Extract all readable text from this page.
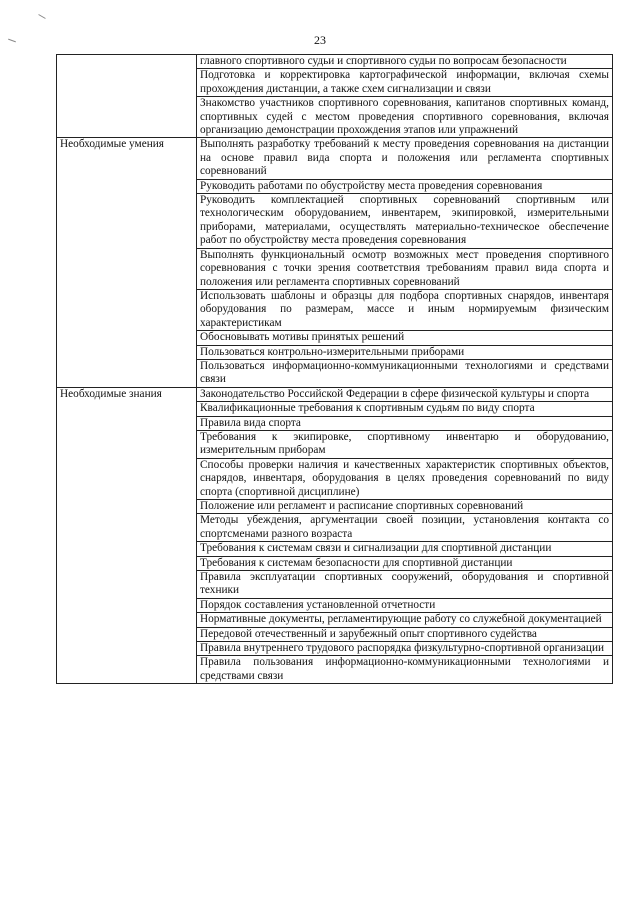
23
	главного спортивного судьи и спортивного судьи по вопросам безопасности
	Подготовка и корректировка картографической информации, включая схемы прохождения дистанции, а также схем сигнализации и связи
	Знакомство участников спортивного соревнования, капитанов спортивных команд, спортивных судей с местом проведения спортивного соревнования, включая организацию демонстрации прохождения этапов или упражнений
Необходимые умения	Выполнять разработку требований к месту проведения соревнования на дистанции на основе правил вида спорта и положения или регламента спортивных соревнований
	Руководить работами по обустройству места проведения соревнования
	Руководить комплектацией спортивных соревнований спортивным или технологическим оборудованием, инвентарем, экипировкой, измерительными приборами, материалами, осуществлять материально-техническое обеспечение работ по обустройству места проведения соревнования
	Выполнять функциональный осмотр возможных мест проведения спортивного соревнования с точки зрения соответствия требованиям правил вида спорта и положения или регламента спортивных соревнований
	Использовать шаблоны и образцы для подбора спортивных снарядов, инвентаря оборудования по размерам, массе и иным нормируемым физическим характеристикам
	Обосновывать мотивы принятых решений
	Пользоваться контрольно-измерительными приборами
	Пользоваться информационно-коммуникационными технологиями и средствами связи
Необходимые знания	Законодательство Российской Федерации в сфере физической культуры и спорта
	Квалификационные требования к спортивным судьям по виду спорта
	Правила вида спорта
	Требования к экипировке, спортивному инвентарю и оборудованию, измерительным приборам
	Способы проверки наличия и качественных характеристик спортивных объектов, снарядов, инвентаря, оборудования в целях проведения соревнований по виду спорта (спортивной дисциплине)
	Положение или регламент и расписание спортивных соревнований
	Методы убеждения, аргументации своей позиции, установления контакта со спортсменами разного возраста
	Требования к системам связи и сигнализации для спортивной дистанции
	Требования к системам безопасности для спортивной дистанции
	Правила эксплуатации спортивных сооружений, оборудования и спортивной техники
	Порядок составления установленной отчетности
	Нормативные документы, регламентирующие работу со служебной документацией
	Передовой отечественный и зарубежный опыт спортивного судейства
	Правила внутреннего трудового распорядка физкультурно-спортивной организации
	Правила пользования информационно-коммуникационными технологиями и средствами связи
